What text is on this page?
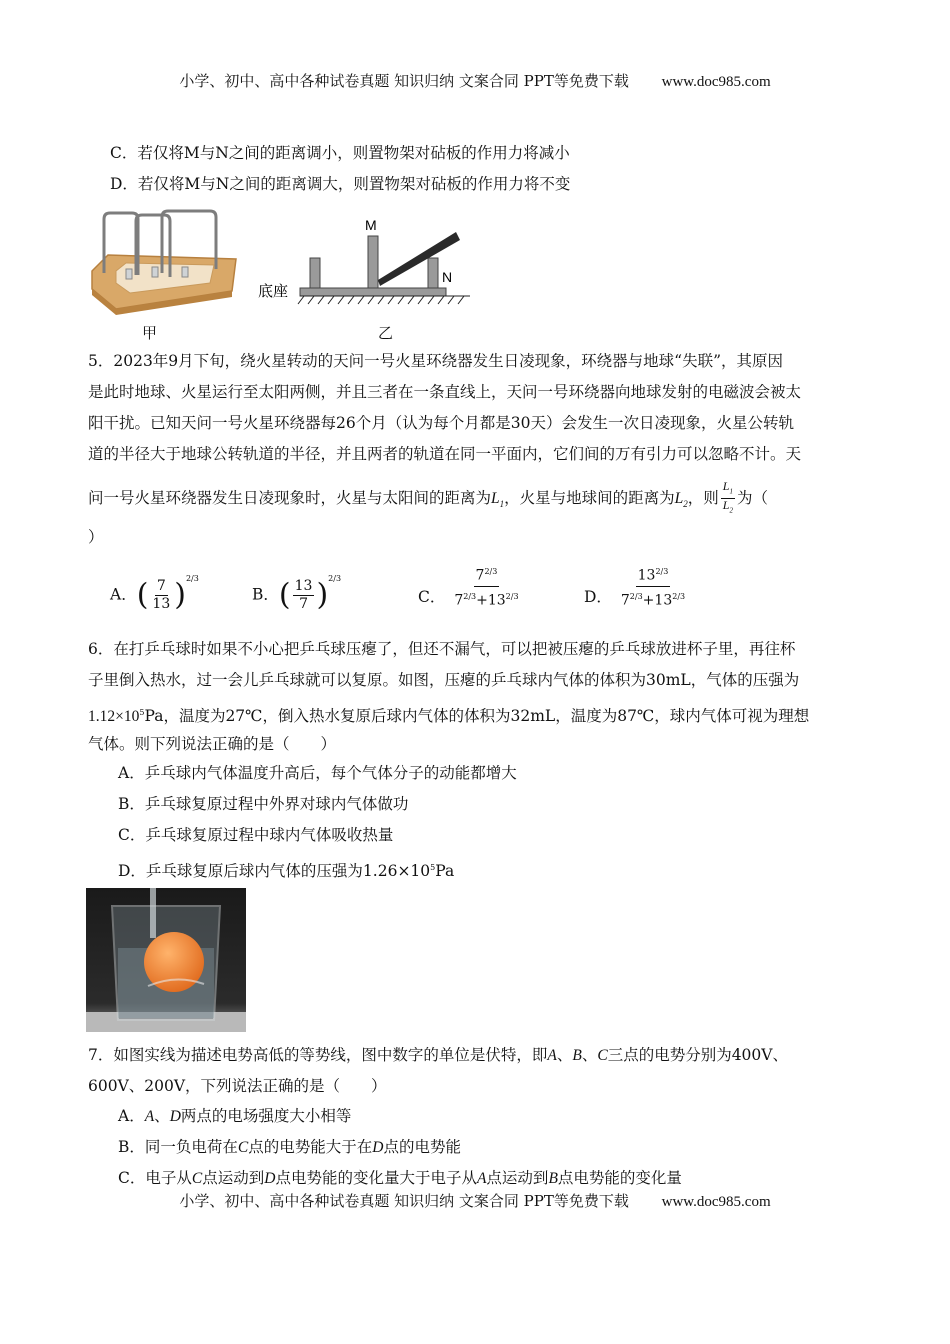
小学、初中、高中各种试卷真题 知识归纳 文案合同 PPT等免费下载 www.doc985.com
C．若仅将M与N之间的距离调小，则置物架对砧板的作用力将减小
D．若仅将M与N之间的距离调大，则置物架对砧板的作用力将不变
甲
M
N
底座
乙
5．2023年9月下旬，绕火星转动的天问一号火星环绕器发生日凌现象，环绕器与地球“失联”，其原因
是此时地球、火星运行至太阳两侧，并且三者在一条直线上，天问一号环绕器向地球发射的电磁波会被太
阳干扰。已知天问一号火星环绕器每26个月（认为每个月都是30天）会发生一次日凌现象，火星公转轨
道的半径大于地球公转轨道的半径，并且两者的轨道在同一平面内，它们间的万有引力可以忽略不计。天
问一号火星环绕器发生日凌现象时，火星与太阳间的距离为$L_1$，火星与地球间的距离为$L_2$，则 $\frac{L_1}{L_2}$ 为（
）
A．( $\frac{7}{13} )^{2/3}$
B．( $\frac{13}{7} )^{2/3}$
C． $\frac{7^{2/3}}{7^{2/3}+13^{2/3}}$	D． $\frac{13^{2/3}}{7^{2/3}+13^{2/3}}$
6．在打乒乓球时如果不小心把乒乓球压瘪了，但还不漏气，可以把被压瘪的乒乓球放进杯子里，再往杯
子里倒入热水，过一会儿乒乓球就可以复原。如图，压瘪的乒乓球内气体的体积为30mL，气体的压强为
$1.12\times 10^5Pa$，温度为27℃，倒入热水复原后球内气体的体积为32mL，温度为87℃，球内气体可视为理想
气体。则下列说法正确的是（　　）
A．乒乓球内气体温度升高后，每个气体分子的动能都增大
B．乒乓球复原过程中外界对球内气体做功
C．乒乓球复原过程中球内气体吸收热量
D．乒乓球复原后球内气体的压强为$1.26\times 10^5Pa$
7．如图实线为描述电势高低的等势线，图中数字的单位是伏特，即A、B、C三点的电势分别为400V、
600V、200V，下列说法正确的是（　　）
A．A、D两点的电场强度大小相等
B．同一负电荷在C点的电势能大于在D点的电势能
C．电子从C点运动到D点电势能的变化量大于电子从A点运动到B点电势能的变化量
小学、初中、高中各种试卷真题 知识归纳 文案合同 PPT等免费下载 www.doc985.com
